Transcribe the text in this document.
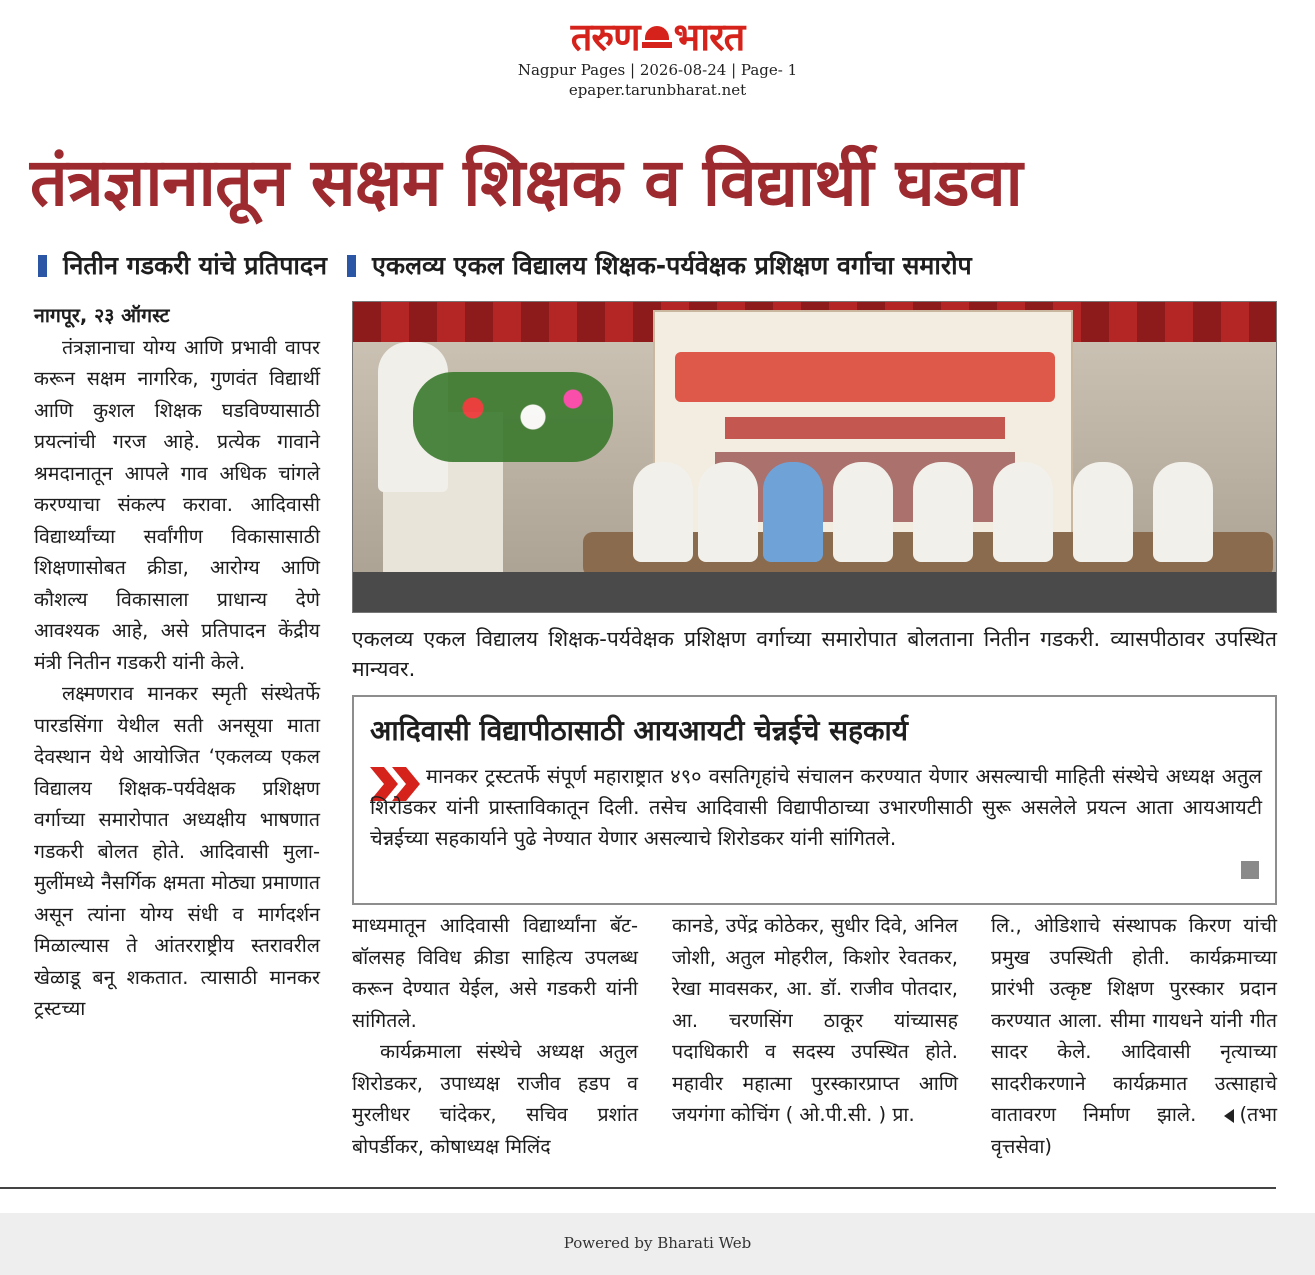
तरुण भारत
Nagpur Pages | 2026-08-24 | Page- 1
epaper.tarunbharat.net
तंत्रज्ञानातून सक्षम शिक्षक व विद्यार्थी घडवा
नितीन गडकरी यांचे प्रतिपादन एकलव्य एकल विद्यालय शिक्षक-पर्यवेक्षक प्रशिक्षण वर्गाचा समारोप

नागपूर, २३ ऑगस्ट

तंत्रज्ञानाचा योग्य आणि प्रभावी वापर करून सक्षम नागरिक, गुणवंत विद्यार्थी आणि कुशल शिक्षक घडविण्यासाठी प्रयत्नांची गरज आहे. प्रत्येक गावाने श्रमदानातून आपले गाव अधिक चांगले करण्याचा संकल्प करावा. आदिवासी विद्यार्थ्यांच्या सर्वांगीण विकासासाठी शिक्षणासोबत क्रीडा, आरोग्य आणि कौशल्य विकासाला प्राधान्य देणे आवश्यक आहे, असे प्रतिपादन केंद्रीय मंत्री नितीन गडकरी यांनी केले.

लक्ष्मणराव मानकर स्मृती संस्थेतर्फे पारडसिंगा येथील सती अनसूया माता देवस्थान येथे आयोजित ‘एकलव्य एकल विद्यालय शिक्षक-पर्यवेक्षक प्रशिक्षण वर्गाच्या समारोपात अध्यक्षीय भाषणात गडकरी बोलत होते. आदिवासी मुला-मुलींमध्ये नैसर्गिक क्षमता मोठ्या प्रमाणात असून त्यांना योग्य संधी व मार्गदर्शन मिळाल्यास ते आंतरराष्ट्रीय स्तरावरील खेळाडू बनू शकतात. त्यासाठी मानकर ट्रस्टच्या

एकलव्य एकल विद्यालय शिक्षक-पर्यवेक्षक प्रशिक्षण वर्गाच्या समारोपात बोलताना नितीन गडकरी. व्यासपीठावर उपस्थित मान्यवर.

आदिवासी विद्यापीठासाठी आयआयटी चेन्नईचे सहकार्य

मानकर ट्रस्टतर्फे संपूर्ण महाराष्ट्रात ४९० वसतिगृहांचे संचालन करण्यात येणार असल्याची माहिती संस्थेचे अध्यक्ष अतुल शिरोडकर यांनी प्रास्ताविकातून दिली. तसेच आदिवासी विद्यापीठाच्या उभारणीसाठी सुरू असलेले प्रयत्न आता आयआयटी चेन्नईच्या सहकार्याने पुढे नेण्यात येणार असल्याचे शिरोडकर यांनी सांगितले.

माध्यमातून आदिवासी विद्यार्थ्यांना बॅट-बॉलसह विविध क्रीडा साहित्य उपलब्ध करून देण्यात येईल, असे गडकरी यांनी सांगितले.

कार्यक्रमाला संस्थेचे अध्यक्ष अतुल शिरोडकर, उपाध्यक्ष राजीव हडप व मुरलीधर चांदेकर, सचिव प्रशांत बोपर्डीकर, कोषाध्यक्ष मिलिंद

कानडे, उपेंद्र कोठेकर, सुधीर दिवे, अनिल जोशी, अतुल मोहरील, किशोर रेवतकर, रेखा मावसकर, आ. डॉ. राजीव पोतदार, आ. चरणसिंग ठाकूर यांच्यासह पदाधिकारी व सदस्य उपस्थित होते. महावीर महात्मा पुरस्कारप्राप्त आणि जयगंगा कोचिंग ( ओ.पी.सी. ) प्रा.

लि., ओडिशाचे संस्थापक किरण यांची प्रमुख उपस्थिती होती. कार्यक्रमाच्या प्रारंभी उत्कृष्ट शिक्षण पुरस्कार प्रदान करण्यात आला. सीमा गायधने यांनी गीत सादर केले. आदिवासी नृत्याच्या सादरीकरणाने कार्यक्रमात उत्साहाचे वातावरण निर्माण झाले. (तभा वृत्तसेवा)

Powered by Bharati Web
